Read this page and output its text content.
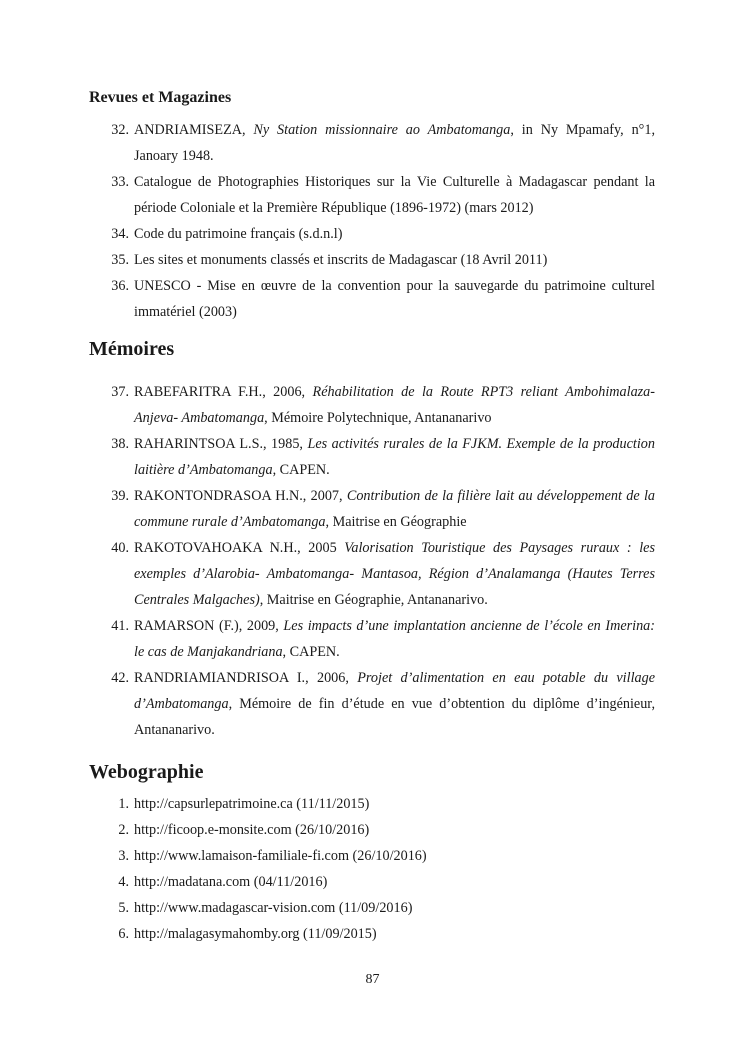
Revues et Magazines
32. ANDRIAMISEZA, Ny Station missionnaire ao Ambatomanga, in Ny Mpamafy, n°1, Janoary 1948.
33. Catalogue de Photographies Historiques sur la Vie Culturelle à Madagascar pendant la période Coloniale et la Première République (1896-1972) (mars 2012)
34. Code du patrimoine français (s.d.n.l)
35. Les sites et monuments classés et inscrits de Madagascar (18 Avril 2011)
36. UNESCO - Mise en œuvre de la convention pour la sauvegarde du patrimoine culturel immatériel (2003)
Mémoires
37. RABEFARITRA F.H., 2006, Réhabilitation de la Route RPT3 reliant Ambohimalaza-Anjeva- Ambatomanga, Mémoire Polytechnique, Antananarivo
38. RAHARINTSOA L.S., 1985, Les activités rurales de la FJKM. Exemple de la production laitière d’Ambatomanga, CAPEN.
39. RAKONTONDRASOA H.N., 2007, Contribution de la filière lait au développement de la commune rurale d’Ambatomanga, Maitrise en Géographie
40. RAKOTOVAHOAKA N.H., 2005 Valorisation Touristique des Paysages ruraux : les exemples d’Alarobia- Ambatomanga- Mantasoa, Région d’Analamanga (Hautes Terres Centrales Malgaches), Maitrise en Géographie, Antananarivo.
41. RAMARSON (F.), 2009, Les impacts d’une implantation ancienne de l’école en Imerina: le cas de Manjakandriana, CAPEN.
42. RANDRIAMIANDRISOA I., 2006, Projet d’alimentation en eau potable du village d’Ambatomanga, Mémoire de fin d’étude en vue d’obtention du diplôme d’ingénieur, Antananarivo.
Webographie
1. http://capsurlepatrimoine.ca (11/11/2015)
2. http://ficoop.e-monsite.com (26/10/2016)
3. http://www.lamaison-familiale-fi.com (26/10/2016)
4. http://madatana.com (04/11/2016)
5. http://www.madagascar-vision.com (11/09/2016)
6. http://malagasymahomby.org (11/09/2015)
87
